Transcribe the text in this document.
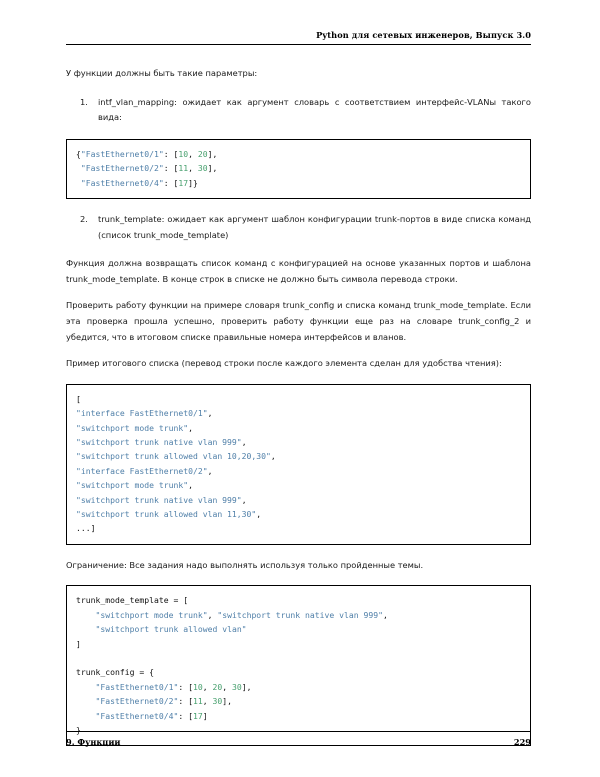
Python для сетевых инженеров, Выпуск 3.0

У функции должны быть такие параметры:

1.	intf_vlan_mapping: ожидает как аргумент словарь с соответствием интерфейс-VLANы такого вида:
{"FastEthernet0/1": [10, 20],
"FastEthernet0/2": [11, 30],
"FastEthernet0/4": [17]}
2.	trunk_template: ожидает как аргумент шаблон конфигурации trunk-портов в виде списка команд (список trunk_mode_template)

Функция должна возвращать список команд с конфигурацией на основе указанных портов и шаблона trunk_mode_template. В конце строк в списке не должно быть символа перевода строки.

Проверить работу функции на примере словаря trunk_config и списка команд trunk_mode_template. Если эта проверка прошла успешно, проверить работу функции еще раз на словаре trunk_config_2 и убедится, что в итоговом списке правильные номера интерфейсов и вланов.

Пример итогового списка (перевод строки после каждого элемента сделан для удобства чтения):

[
"interface FastEthernet0/1",
"switchport mode trunk",
"switchport trunk native vlan 999",
"switchport trunk allowed vlan 10,20,30",
"interface FastEthernet0/2",
"switchport mode trunk",
"switchport trunk native vlan 999",
"switchport trunk allowed vlan 11,30",
...]

Ограничение: Все задания надо выполнять используя только пройденные темы.

trunk_mode_template = [
"switchport mode trunk", "switchport trunk native vlan 999",
"switchport trunk allowed vlan"
]

trunk_config = {
"FastEthernet0/1": [10, 20, 30],
"FastEthernet0/2": [11, 30],
"FastEthernet0/4": [17]

9. Функции	229
